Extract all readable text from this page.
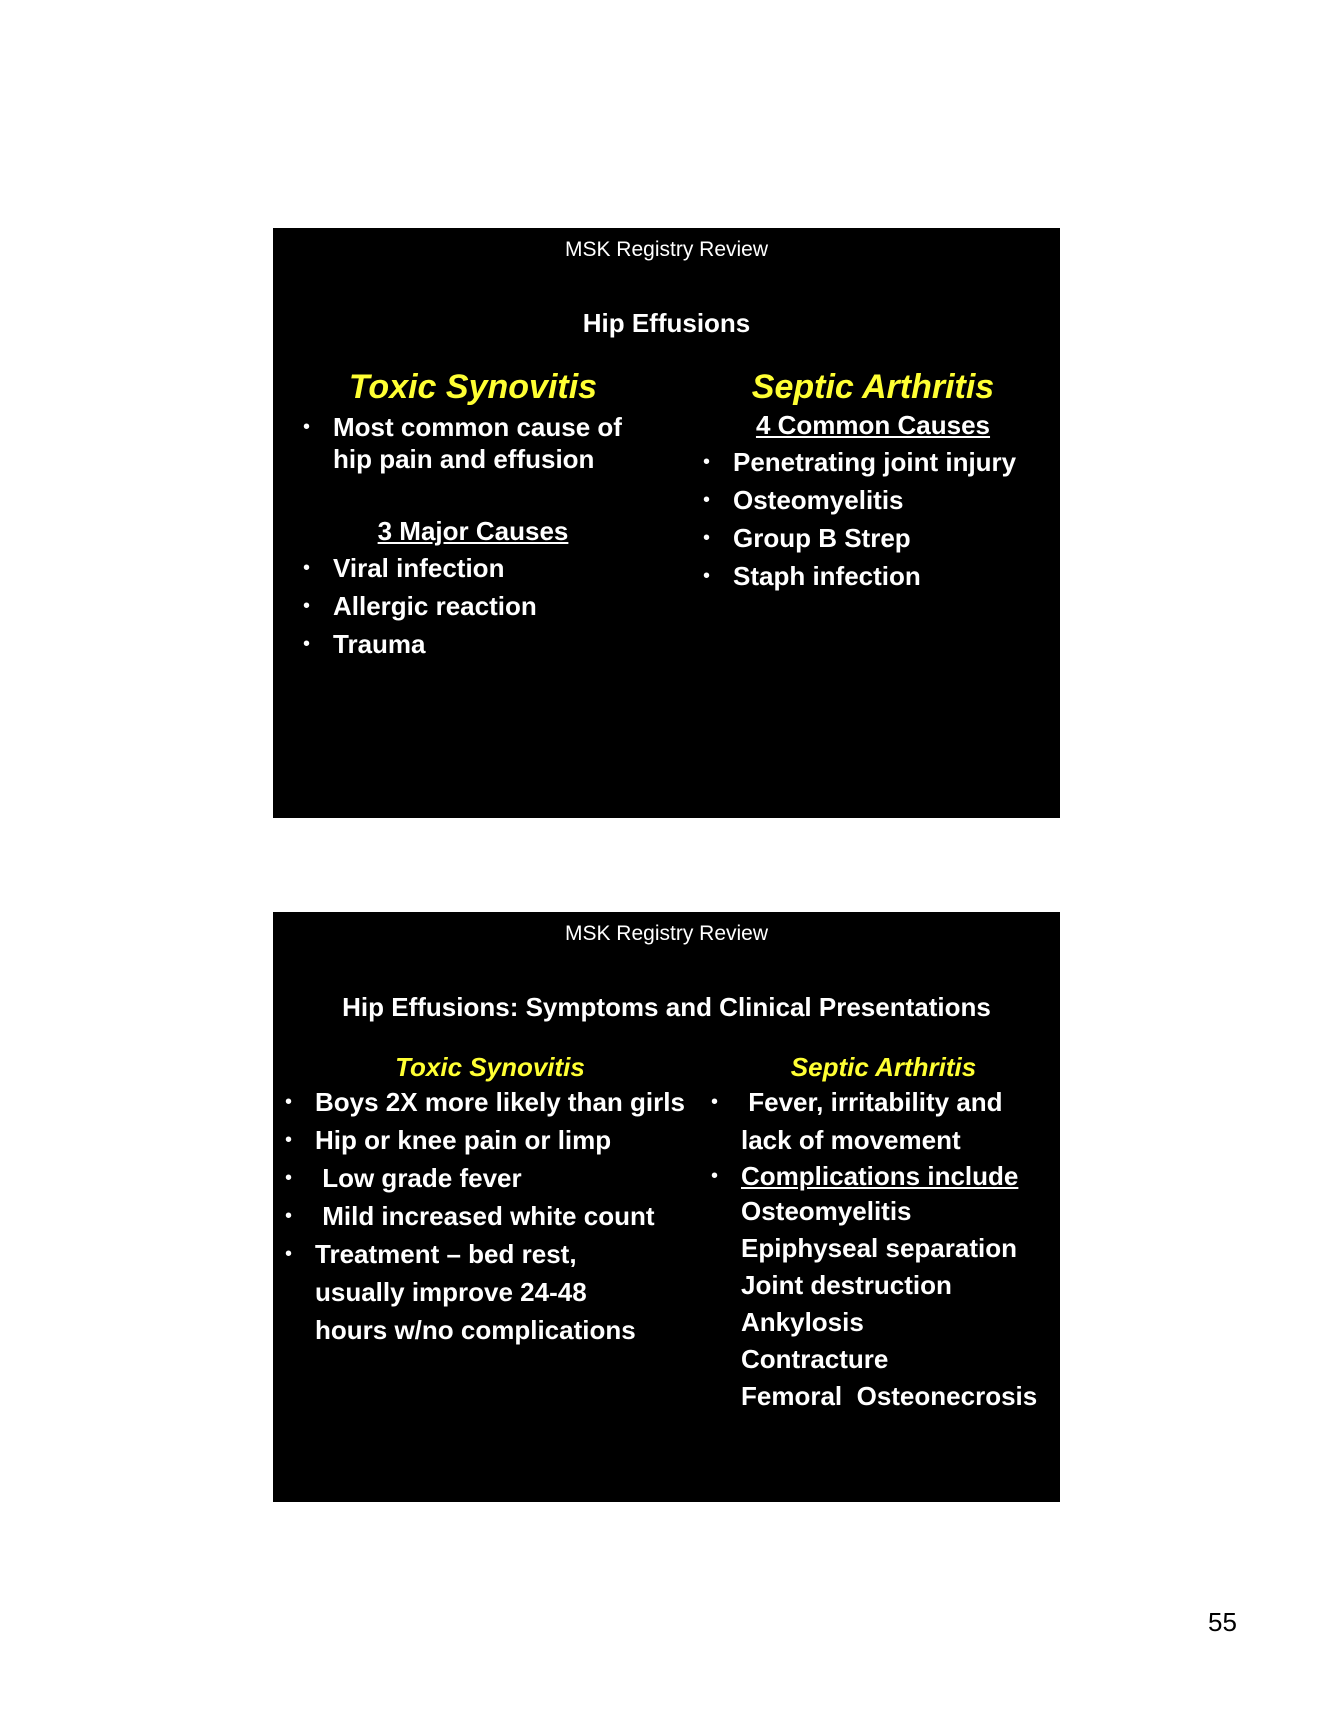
MSK Registry Review
Hip Effusions
Toxic Synovitis
• Most common cause of hip pain and effusion
3 Major Causes
• Viral infection
• Allergic reaction
• Trauma
Septic Arthritis
4 Common Causes
• Penetrating joint injury
• Osteomyelitis
• Group B Strep
• Staph infection
MSK Registry Review
Hip Effusions: Symptoms and Clinical Presentations
Toxic Synovitis
• Boys 2X more likely than girls
• Hip or knee pain or limp
•  Low grade fever
•  Mild increased white count
• Treatment – bed rest, usually improve 24-48 hours w/no complications
Septic Arthritis
•  Fever, irritability and lack of movement
• Complications include
Osteomyelitis
Epiphyseal separation
Joint destruction
Ankylosis
Contracture
Femoral  Osteonecrosis
55
